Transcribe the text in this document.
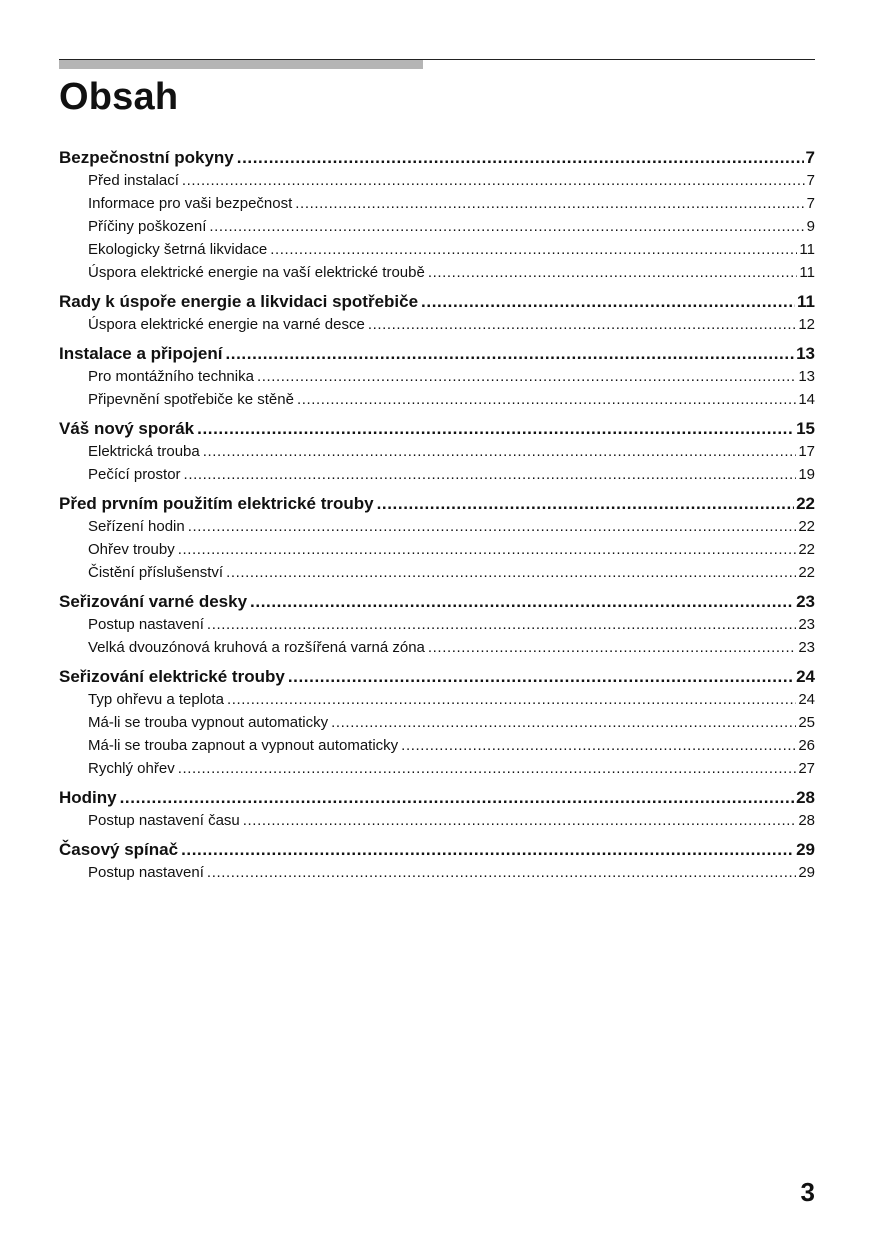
Obsah
Bezpečnostní pokyny .....	7
Před instalací .....	7
Informace pro vaši bezpečnost .....	7
Příčiny poškození .....	9
Ekologicky šetrná likvidace .....	11
Úspora elektrické energie na vaší elektrické troubě .....	11
Rady k úspoře energie a likvidaci spotřebiče .....	11
Úspora elektrické energie na varné desce .....	12
Instalace a připojení .....	13
Pro montážního technika .....	13
Připevnění spotřebiče ke stěně .....	14
Váš nový sporák .....	15
Elektrická trouba .....	17
Pečící prostor .....	19
Před prvním použitím elektrické trouby .....	22
Seřízení hodin .....	22
Ohřev trouby .....	22
Čistění příslušenství .....	22
Seřizování varné desky .....	23
Postup nastavení .....	23
Velká dvouzónová kruhová a rozšířená varná zóna .....	23
Seřizování elektrické trouby .....	24
Typ ohřevu a teplota .....	24
Má-li se trouba vypnout automaticky .....	25
Má-li se trouba zapnout a vypnout automaticky .....	26
Rychlý ohřev .....	27
Hodiny .....	28
Postup nastavení času .....	28
Časový spínač .....	29
Postup nastavení .....	29
3
